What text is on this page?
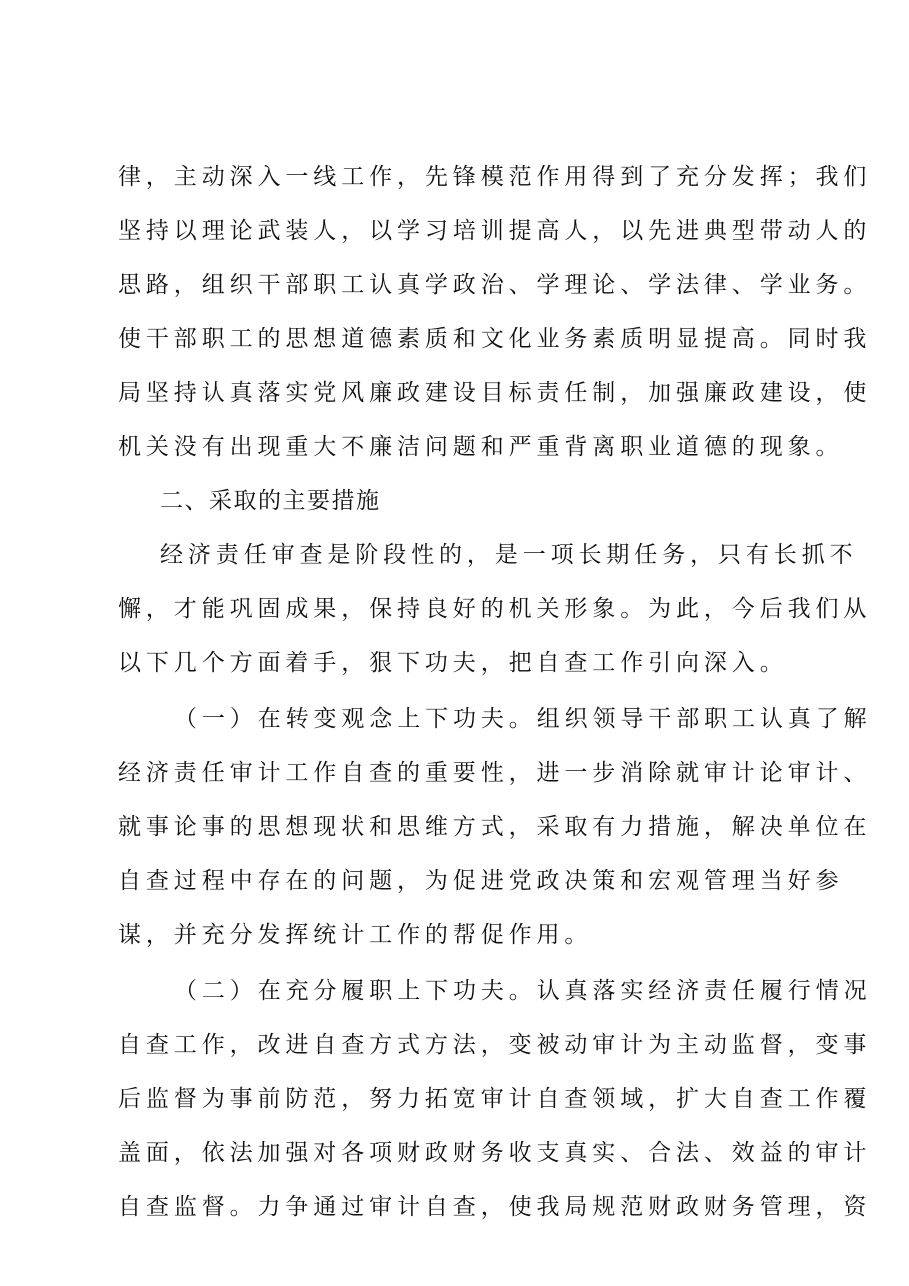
律，主动深入一线工作，先锋模范作用得到了充分发挥；我们
坚持以理论武装人，以学习培训提高人，以先进典型带动人的
思路，组织干部职工认真学政治、学理论、学法律、学业务。
使干部职工的思想道德素质和文化业务素质明显提高。同时我
局坚持认真落实党风廉政建设目标责任制，加强廉政建设，使
机关没有出现重大不廉洁问题和严重背离职业道德的现象。
二、采取的主要措施
经济责任审查是阶段性的，是一项长期任务，只有长抓不
懈，才能巩固成果，保持良好的机关形象。为此，今后我们从
以下几个方面着手，狠下功夫，把自查工作引向深入。
（一）在转变观念上下功夫。组织领导干部职工认真了解
经济责任审计工作自查的重要性，进一步消除就审计论审计、
就事论事的思想现状和思维方式，采取有力措施，解决单位在
自查过程中存在的问题，为促进党政决策和宏观管理当好参
谋，并充分发挥统计工作的帮促作用。
（二）在充分履职上下功夫。认真落实经济责任履行情况
自查工作，改进自查方式方法，变被动审计为主动监督，变事
后监督为事前防范，努力拓宽审计自查领域，扩大自查工作覆
盖面，依法加强对各项财政财务收支真实、合法、效益的审计
自查监督。力争通过审计自查，使我局规范财政财务管理，资
